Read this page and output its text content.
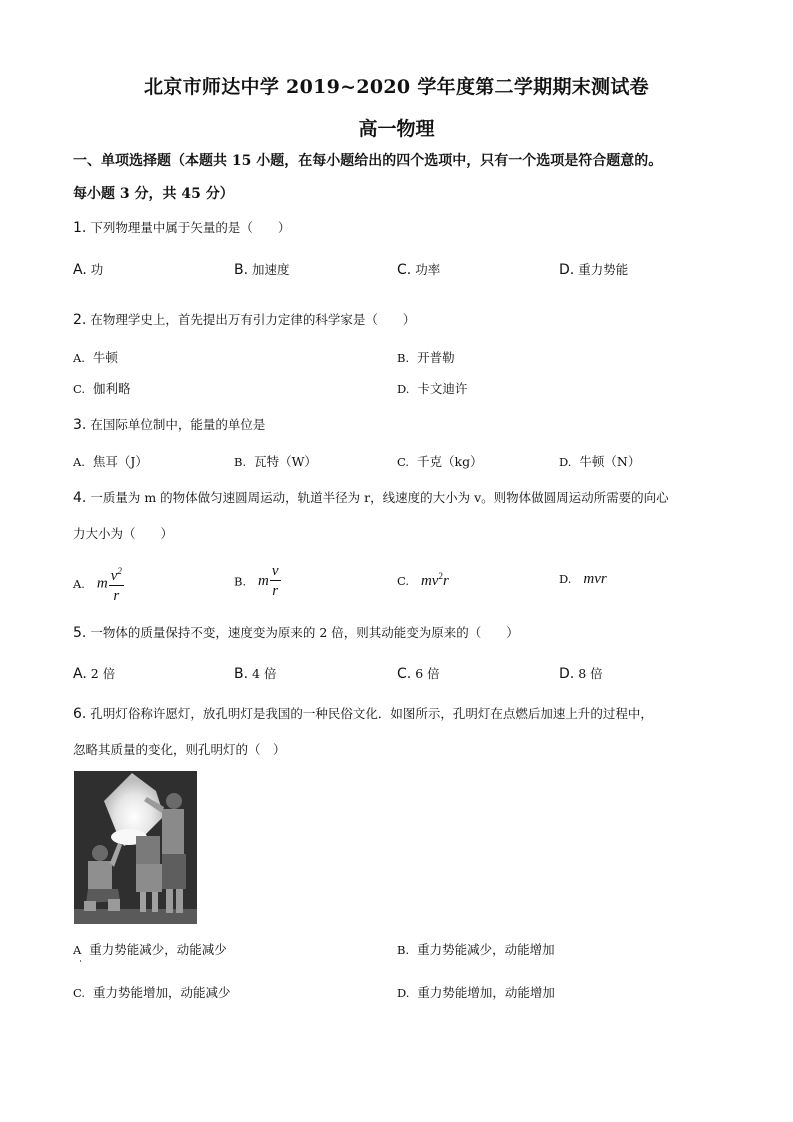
北京市师达中学 2019~2020 学年度第二学期期末测试卷
高一物理
一、单项选择题（本题共 15 小题，在每小题给出的四个选项中，只有一个选项是符合题意的。
每小题 3 分，共 45 分）
1. 下列物理量中属于矢量的是（　　）
A. 功	B. 加速度	C. 功率	D. 重力势能
2. 在物理学史上，首先提出万有引力定律的科学家是（　　）
A. 牛顿	B. 开普勒
C. 伽利略	D. 卡文迪许
3. 在国际单位制中，能量的单位是
A. 焦耳（J）	B. 瓦特（W）	C. 千克（kg）	D. 牛顿（N）
4. 一质量为 m 的物体做匀速圆周运动，轨道半径为 r，线速度的大小为 v。则物体做圆周运动所需要的向心
力大小为（　　）
A. m $\frac{v^2}{r}$	B. m $\frac{v}{r}$	C. $mv^2r$	D. mvr
5. 一物体的质量保持不变，速度变为原来的 2 倍，则其动能变为原来的（　　）
A. 2 倍	B. 4 倍	C. 6 倍	D. 8 倍
6. 孔明灯俗称许愿灯，放孔明灯是我国的一种民俗文化．如图所示，孔明灯在点燃后加速上升的过程中，
忽略其质量的变化，则孔明灯的（　）
A 重力势能减少，动能减少	B. 重力势能减少，动能增加
C. 重力势能增加，动能减少	D. 重力势能增加，动能增加
